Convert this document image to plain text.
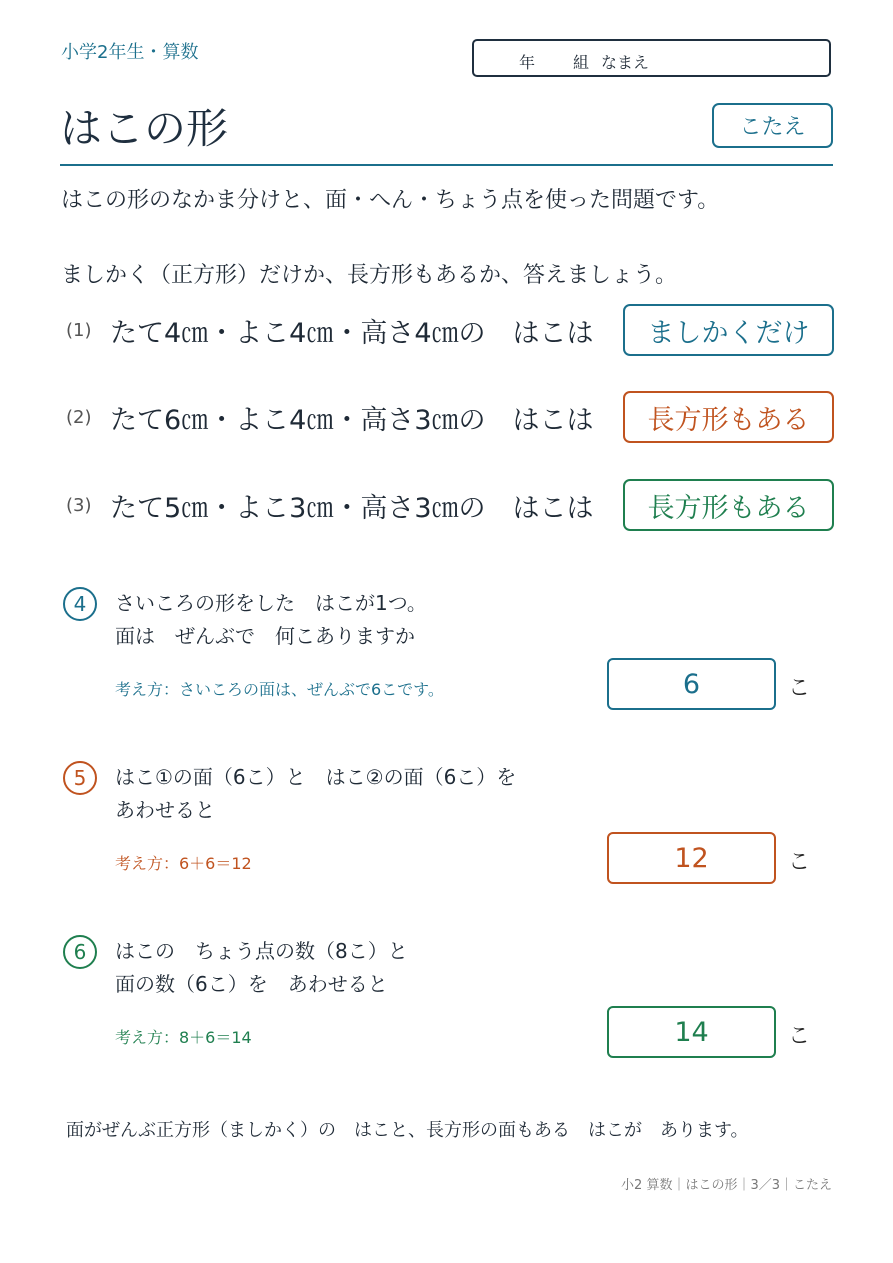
小学2年生・算数	年 組 なまえ
はこの形	こたえ
はこの形のなかま分けと、面・へん・ちょう点を使った問題です。
ましかく（正方形）だけか、長方形もあるか、答えましょう。
(1) たて4㎝・よこ4㎝・高さ4㎝の　はこは	ましかくだけ
(2) たて6㎝・よこ4㎝・高さ3㎝の　はこは	長方形もある
(3) たて5㎝・よこ3㎝・高さ3㎝の　はこは	長方形もある
4	さいころの形をした　はこが1つ。
面は　ぜんぶで　何こありますか
考え方：さいころの面は、ぜんぶで6こです。	6	こ
5	はこ①の面（6こ）と　はこ②の面（6こ）を
あわせると
考え方：6＋6＝12	12	こ
6	はこの　ちょう点の数（8こ）と
面の数（6こ）を　あわせると
考え方：8＋6＝14	14	こ
面がぜんぶ正方形（ましかく）の　はこと、長方形の面もある　はこが　あります。
小2 算数｜はこの形｜3／3｜こたえ
